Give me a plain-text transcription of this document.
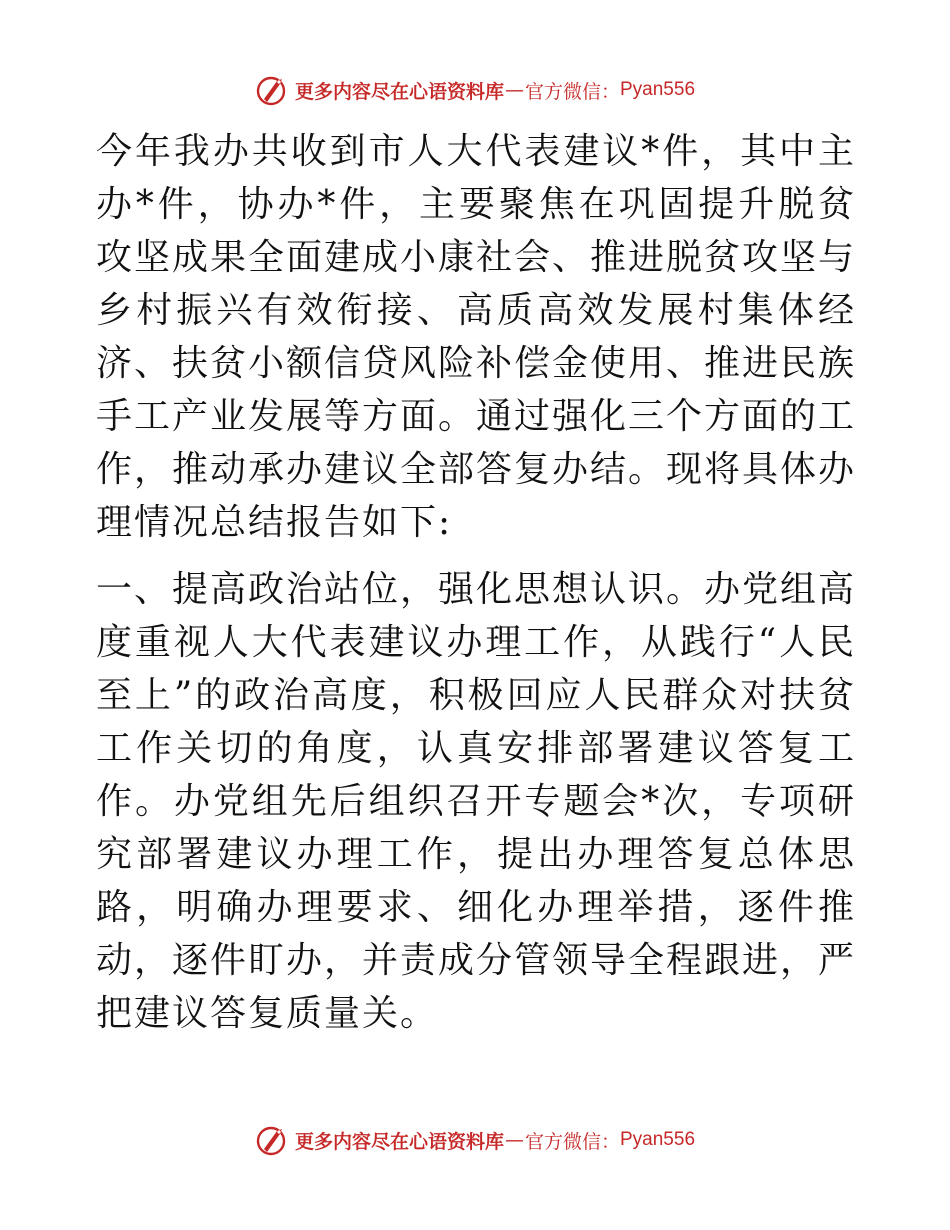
更多内容尽在心语资料库 — 官方微信： Pyan556

今年我办共收到市人大代表建议*件，其中主办*件，协办*件，主要聚焦在巩固提升脱贫攻坚成果全面建成小康社会、推进脱贫攻坚与乡村振兴有效衔接、高质高效发展村集体经济、扶贫小额信贷风险补偿金使用、推进民族手工产业发展等方面。通过强化三个方面的工作，推动承办建议全部答复办结。现将具体办理情况总结报告如下:

一、提高政治站位，强化思想认识。办党组高度重视人大代表建议办理工作，从践行“人民至上”的政治高度，积极回应人民群众对扶贫工作关切的角度，认真安排部署建议答复工作。办党组先后组织召开专题会*次，专项研究部署建议办理工作，提出办理答复总体思路，明确办理要求、细化办理举措，逐件推动，逐件盯办，并责成分管领导全程跟进，严把建议答复质量关。

更多内容尽在心语资料库 — 官方微信： Pyan556
